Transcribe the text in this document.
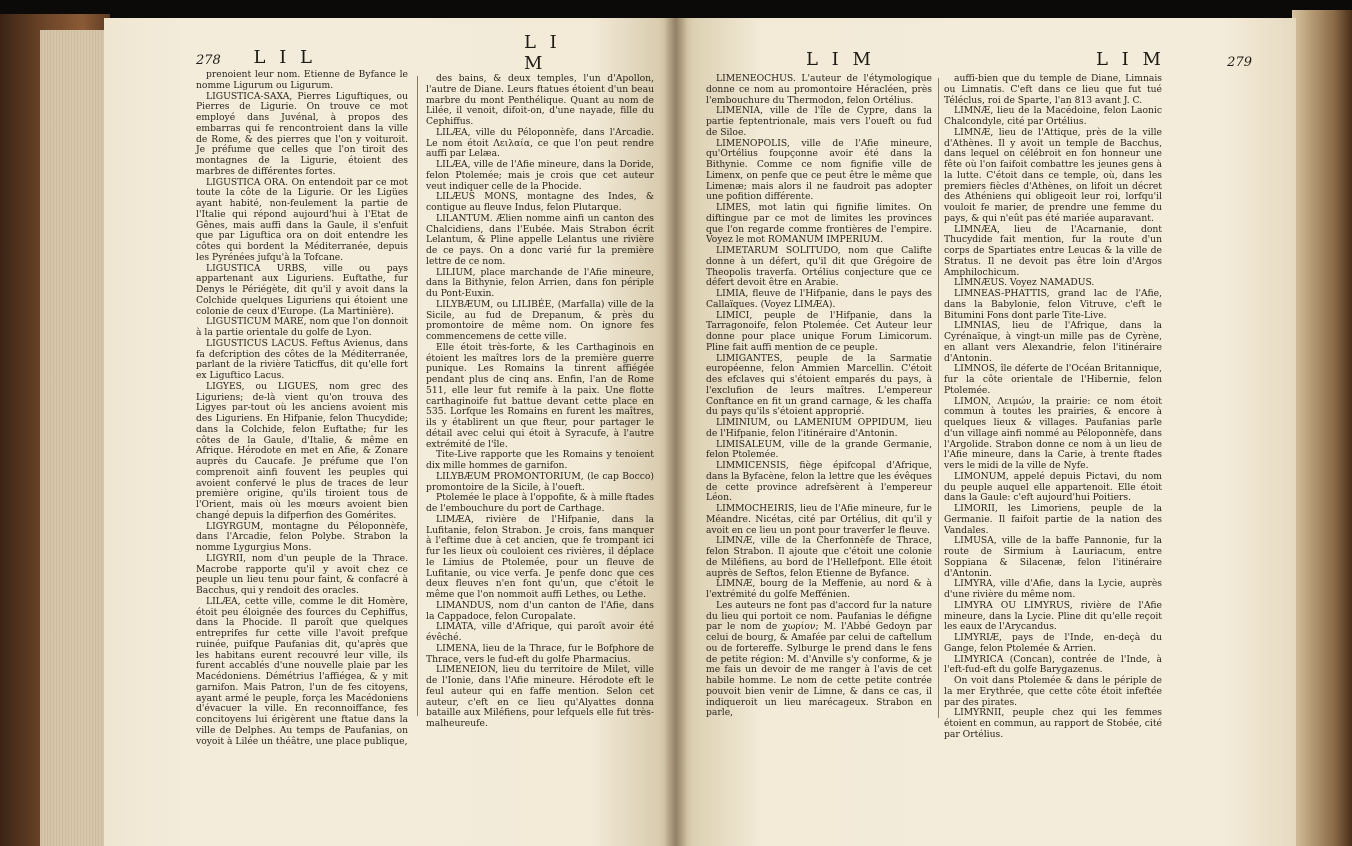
278 L I L
L I M

prenoient leur nom. Etienne de Byfance le nomme Ligurum ou Ligurum.

LIGUSTICA-SAXA, Pierres Liguftiques, ou Pierres de Ligurie. On trouve ce mot employé dans Juvénal, à propos des embarras qui fe rencontroient dans la ville de Rome, & des pierres que l'on y voituroit. Je préfume que celles que l'on tiroit des montagnes de la Ligurie, étoient des marbres de différentes fortes.

LIGUSTICA ORA. On entendoit par ce mot toute la côte de la Ligurie. Or les Ligües ayant habité, non-feulement la partie de l'Italie qui répond aujourd'hui à l'Etat de Gênes, mais auffi dans la Gaule, il s'enfuit que par Liguftica ora on doit entendre les côtes qui bordent la Méditerranée, depuis les Pyrénées jufqu'à la Tofcane.

LIGUSTICA URBS, ville ou pays appartenant aux Liguriens. Euftathe, fur Denys le Périégète, dit qu'il y avoit dans la Colchide quelques Liguriens qui étoient une colonie de ceux d'Europe. (La Martinière).

LIGUSTICUM MARE, nom que l'on donnoit à la partie orientale du golfe de Lyon.

LIGUSTICUS LACUS. Feftus Avienus, dans fa defcription des côtes de la Méditerranée, parlant de la rivière Taticffus, dit qu'elle fort ex Liguftico Lacus.

LIGYES, ou LIGUES, nom grec des Liguriens; de-là vient qu'on trouva des Ligyes par-tout où les anciens avoient mis des Liguriens. En Hifpanie, felon Thucydide; dans la Colchide, felon Euftathe; fur les côtes de la Gaule, d'Italie, & même en Afrique. Hérodote en met en Afie, & Zonare auprès du Caucafe. Je préfume que l'on comprenoit ainfi fouvent les peuples qui avoient confervé le plus de traces de leur première origine, qu'ils tiroient tous de l'Orient, mais où les mœurs avoient bien changé depuis la difperfion des Gomérites.

LIGYRGUM, montagne du Péloponnèfe, dans l'Arcadie, felon Polybe. Strabon la nomme Lygurgius Mons.

LIGYRII, nom d'un peuple de la Thrace. Macrobe rapporte qu'il y avoit chez ce peuple un lieu tenu pour faint, & confacré à Bacchus, qui y rendoit des oracles.

LILÆA, cette ville, comme le dit Homère, étoit peu éloignée des fources du Cephiffus, dans la Phocide. Il paroît que quelques entreprifes fur cette ville l'avoit prefque ruinée, puifque Paufanias dit, qu'après que les habitans eurent recouvré leur ville, ils furent accablés d'une nouvelle plaie par les Macédoniens. Démétrius l'affiégea, & y mit garnifon. Mais Patron, l'un de fes citoyens, ayant armé le peuple, força les Macédoniens d'évacuer la ville. En reconnoiffance, fes concitoyens lui érigèrent une ftatue dans la ville de Delphes. Au temps de Paufanias, on voyoit à Lilée un théâtre, une place publique,

des bains, & deux temples, l'un d'Apollon, l'autre de Diane. Leurs ftatues étoient d'un beau marbre du mont Penthélique. Quant au nom de Lilée, il venoit, difoit-on, d'une nayade, fille du Cephiffus.

LILÆA, ville du Péloponnèfe, dans l'Arcadie. Le nom étoit Λειλαία, ce que l'on peut rendre auffi par Lelæa.

LILÆA, ville de l'Afie mineure, dans la Doride, felon Ptolemée; mais je crois que cet auteur veut indiquer celle de la Phocide.

LILÆUS MONS, montagne des Indes, & contigue au fleuve Indus, felon Plutarque.

LILANTUM. Ælien nomme ainfi un canton des Chalcidiens, dans l'Eubée. Mais Strabon écrit Lelantum, & Pline appelle Lelantus une rivière de ce pays. On a donc varié fur la première lettre de ce nom.

LILIUM, place marchande de l'Afie mineure, dans la Bithynie, felon Arrien, dans fon périple du Pont-Euxin.

LILYBÆUM, ou LILIBÉE, (Marfalla) ville de la Sicile, au fud de Drepanum, & près du promontoire de même nom. On ignore fes commencemens de cette ville.

Elle étoit très-forte, & les Carthaginois en étoient les maîtres lors de la première guerre punique. Les Romains la tinrent affiégée pendant plus de cinq ans. Enfin, l'an de Rome 511, elle leur fut remife à la paix. Une flotte carthaginoife fut battue devant cette place en 535. Lorfque les Romains en furent les maîtres, ils y établirent un que fteur, pour partager le détail avec celui qui étoit à Syracufe, à l'autre extrémité de l'île.

Tite-Live rapporte que les Romains y tenoient dix mille hommes de garnifon.

LILYBÆUM PROMONTORIUM, (le cap Bocco) promontoire de la Sicile, à l'oueft.

Ptolemée le place à l'oppofite, & à mille ftades de l'embouchure du port de Carthage.

LIMÆA, rivière de l'Hifpanie, dans la Lufitanie, felon Strabon. Je crois, fans manquer à l'eftime due à cet ancien, que fe trompant ici fur les lieux où couloient ces rivières, il déplace le Limius de Ptolemée, pour un fleuve de Lufitanie, ou vice verfa. Je penfe donc que ces deux fleuves n'en font qu'un, que c'étoit le même que l'on nommoit auffi Lethes, ou Lethe.

LIMANDUS, nom d'un canton de l'Afie, dans la Cappadoce, felon Curopalate.

LIMATA, ville d'Afrique, qui paroît avoir été évêché.

LIMENA, lieu de la Thrace, fur le Bofphore de Thrace, vers le fud-eft du golfe Pharmacius.

LIMENEION, lieu du territoire de Milet, ville de l'Ionie, dans l'Afie mineure. Hérodote eft le feul auteur qui en faffe mention. Selon cet auteur, c'eft en ce lieu qu'Alyattes donna bataille aux Miléfiens, pour lefquels elle fut très-malheureufe.

L I M	L I M	279

LIMENEOCHUS. L'auteur de l'étymologique donne ce nom au promontoire Héracléen, près l'embouchure du Thermodon, felon Ortélius.

LIMENIA, ville de l'île de Cypre, dans la partie feptentrionale, mais vers l'oueft ou fud de Siloe.

LIMENOPOLIS, ville de l'Afie mineure, qu'Ortélius foupçonne avoir été dans la Bithynie. Comme ce nom fignifie ville de Limenx, on penfe que ce peut être le même que Limenæ; mais alors il ne faudroit pas adopter une pofition différente.

LIMES, mot latin qui fignifie limites. On diftingue par ce mot de limites les provinces que l'on regarde comme frontières de l'empire. Voyez le mot ROMANUM IMPERIUM.

LIMETARUM SOLITUDO, nom que Califte donne à un défert, qu'il dit que Grégoire de Theopolis traverfa. Ortélius conjecture que ce défert devoit être en Arabie.

LIMIA, fleuve de l'Hifpanie, dans le pays des Callaïques. (Voyez LIMÆA).

LIMICI, peuple de l'Hifpanie, dans la Tarragonoife, felon Ptolemée. Cet Auteur leur donne pour place unique Forum Limicorum. Pline fait auffi mention de ce peuple.

LIMIGANTES, peuple de la Sarmatie européenne, felon Ammien Marcellin. C'étoit des efclaves qui s'étoient emparés du pays, à l'exclufion de leurs maîtres. L'empereur Conftance en fit un grand carnage, & les chaffa du pays qu'ils s'étoient approprié.

LIMINIUM, ou LAMENIUM OPPIDUM, lieu de l'Hifpanie, felon l'itinéraire d'Antonin.

LIMISALEUM, ville de la grande Germanie, felon Ptolemée.

LIMMICENSIS, fiège épifcopal d'Afrique, dans la Byfacène, felon la lettre que les évêques de cette province adrefsèrent à l'empereur Léon.

LIMMOCHEIRIS, lieu de l'Afie mineure, fur le Méandre. Nicétas, cité par Ortélius, dit qu'il y avoit en ce lieu un pont pour traverfer le fleuve.

LIMNÆ, ville de la Cherfonnèfe de Thrace, felon Strabon. Il ajoute que c'étoit une colonie de Miléfiens, au bord de l'Hellefpont. Elle étoit auprès de Seftos, felon Etienne de Byfance.

LIMNÆ, bourg de la Meffenie, au nord & à l'extrémité du golfe Meffénien.

Les auteurs ne font pas d'accord fur la nature du lieu qui portoit ce nom. Paufanias le défigne par le nom de χωρίον; M. l'Abbé Gedoyn par celui de bourg, & Amafée par celui de caftellum ou de fortereffe. Sylburge le prend dans le fens de petite région: M. d'Anville s'y conforme, & je me fais un devoir de me ranger à l'avis de cet habile homme. Le nom de cette petite contrée pouvoit bien venir de Limne, & dans ce cas, il indiqueroit un lieu marécageux. Strabon en parle,

auffi-bien que du temple de Diane, Limnais ou Limnatis. C'eft dans ce lieu que fut tué Téléclus, roi de Sparte, l'an 813 avant J. C.

LIMNÆ, lieu de la Macédoine, felon Laonic Chalcondyle, cité par Ortélius.

LIMNÆ, lieu de l'Attique, près de la ville d'Athènes. Il y avoit un temple de Bacchus, dans lequel on célébroit en fon honneur une fête où l'on faifoit combattre les jeunes gens à la lutte. C'étoit dans ce temple, où, dans les premiers fiècles d'Athènes, on lifoit un décret des Athéniens qui obligeoit leur roi, lorfqu'il vouloit fe marier, de prendre une femme du pays, & qui n'eût pas été mariée auparavant.

LIMNÆA, lieu de l'Acarnanie, dont Thucydide fait mention, fur la route d'un corps de Spartiates entre Leucas & la ville de Stratus. Il ne devoit pas être loin d'Argos Amphilochicum.

LIMNÆUS. Voyez NAMADUS.

LIMNEAS-PHATTIS, grand lac de l'Afie, dans la Babylonie, felon Vitruve, c'eft le Bitumini Fons dont parle Tite-Live.

LIMNIAS, lieu de l'Afrique, dans la Cyrénaïque, à vingt-un mille pas de Cyrène, en allant vers Alexandrie, felon l'itinéraire d'Antonin.

LIMNOS, île déferte de l'Océan Britannique, fur la côte orientale de l'Hibernie, felon Ptolemée.

LIMON, Λειμών, la prairie: ce nom étoit commun à toutes les prairies, & encore à quelques lieux & villages. Paufanias parle d'un village ainfi nommé au Péloponnèfe, dans l'Argolide. Strabon donne ce nom à un lieu de l'Afie mineure, dans la Carie, à trente ftades vers le midi de la ville de Nyfe.

LIMONUM, appelé depuis Pictavi, du nom du peuple auquel elle appartenoit. Elle étoit dans la Gaule: c'eft aujourd'hui Poitiers.

LIMORII, les Limoriens, peuple de la Germanie. Il faifoit partie de la nation des Vandales.

LIMUSA, ville de la baffe Pannonie, fur la route de Sirmium à Lauriacum, entre Soppiana & Silacenæ, felon l'itinéraire d'Antonin.

LIMYRA, ville d'Afie, dans la Lycie, auprès d'une rivière du même nom.

LIMYRA OU LIMYRUS, rivière de l'Afie mineure, dans la Lycie. Pline dit qu'elle reçoit les eaux de l'Arycandus.

LIMYRIÆ, pays de l'Inde, en-deçà du Gange, felon Ptolemée & Arrien.

LIMYRICA (Concan), contrée de l'Inde, à l'eft-fud-eft du golfe Barygazenus.

On voit dans Ptolemée & dans le périple de la mer Erythrée, que cette côte étoit infeftée par des pirates.

LIMYRNII, peuple chez qui les femmes étoient en commun, au rapport de Stobée, cité par Ortélius.
